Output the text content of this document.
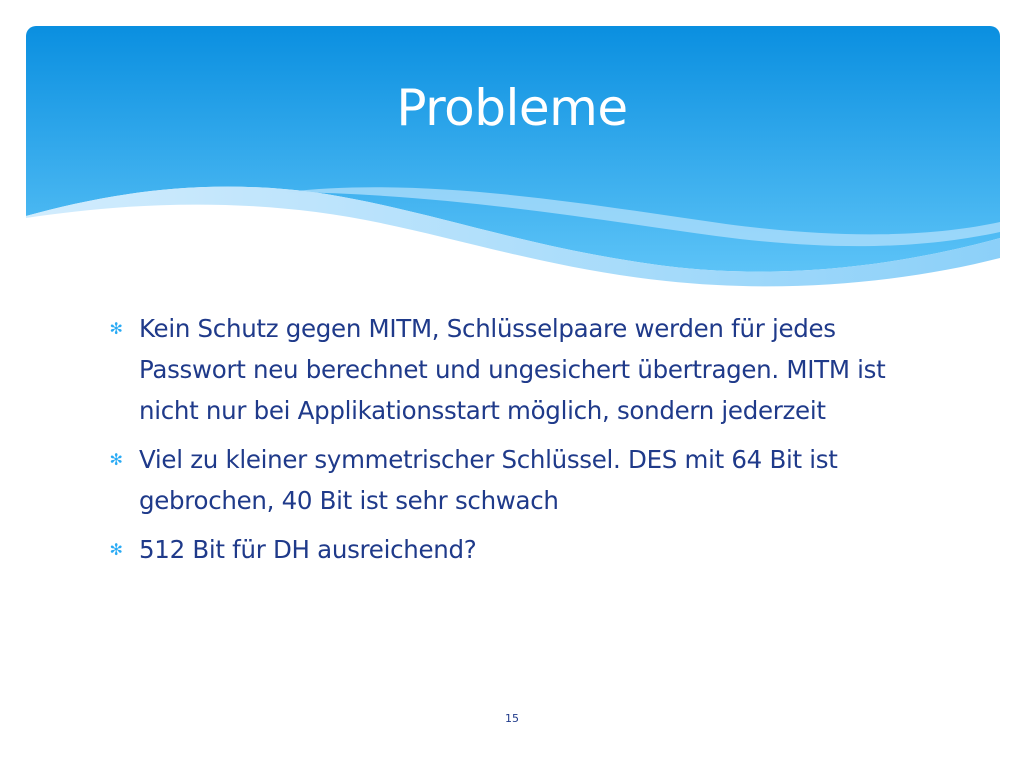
Probleme
✻ Kein Schutz gegen MITM, Schlüsselpaare werden für jedes Passwort neu berechnet und ungesichert übertragen. MITM ist nicht nur bei Applikationsstart möglich, sondern jederzeit
✻ Viel zu kleiner symmetrischer Schlüssel. DES mit 64 Bit ist gebrochen, 40 Bit ist sehr schwach
✻ 512 Bit für DH ausreichend?
15
